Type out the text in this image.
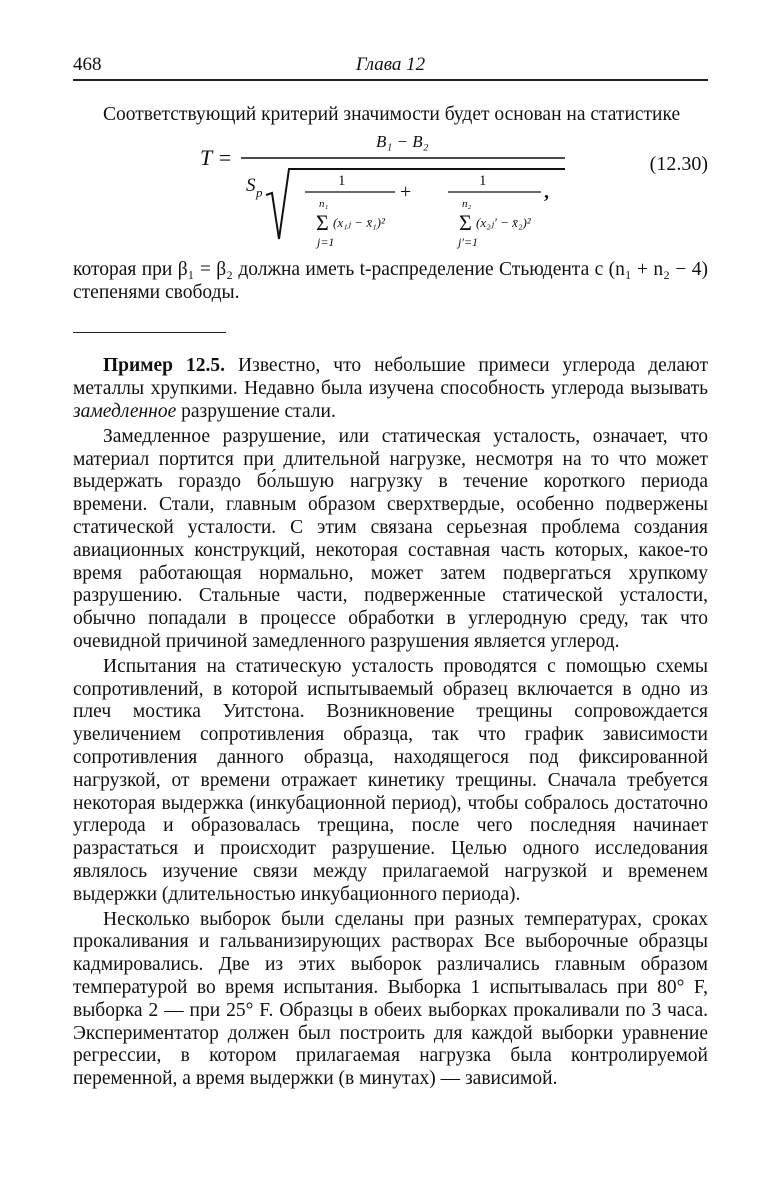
468	Глава 12

Соответствующий критерий значимости будет основан на статистике

T =
B₁ − B₂
S p
1	+	1	,
n₁
Σ (x₁ⱼ − x̄₁)²
j=1
n₂
Σ (x₂ⱼ′ − x̄₂)²
j′=1
(12.30)

которая при β₁ = β₂ должна иметь t-распределение Стьюдента с (n₁ + n₂ − 4) степенями свободы.

Пример 12.5. Известно, что небольшие примеси углерода делают металлы хрупкими. Недавно была изучена способность углерода вызывать замедленное разрушение стали.

Замедленное разрушение, или статическая усталость, означает, что материал портится при длительной нагрузке, несмотря на то что может выдержать гораздо бо́льшую нагрузку в течение короткого периода времени. Стали, главным образом сверхтвердые, особенно подвержены статической усталости. С этим связана серьезная проблема создания авиационных конструкций, некоторая составная часть которых, какое-то время работающая нормально, может затем подвергаться хрупкому разрушению. Стальные части, подверженные статической усталости, обычно попадали в процессе обработки в углеродную среду, так что очевидной причиной замедленного разрушения является углерод.

Испытания на статическую усталость проводятся с помощью схемы сопротивлений, в которой испытываемый образец включается в одно из плеч мостика Уитстона. Возникновение трещины сопровождается увеличением сопротивления образца, так что график зависимости сопротивления данного образца, находящегося под фиксированной нагрузкой, от времени отражает кинетику трещины. Сначала требуется некоторая выдержка (инкубационной период), чтобы собралось достаточно углерода и образовалась трещина, после чего последняя начинает разрастаться и происходит разрушение. Целью одного исследования являлось изучение связи между прилагаемой нагрузкой и временем выдержки (длительностью инкубационного периода).

Несколько выборок были сделаны при разных температурах, сроках прокаливания и гальванизирующих растворах Все выборочные образцы кадмировались. Две из этих выборок различались главным образом температурой во время испытания. Выборка 1 испытывалась при 80° F, выборка 2 — при 25° F. Образцы в обеих выборках прокаливали по 3 часа. Экспериментатор должен был построить для каждой выборки уравнение регрессии, в котором прилагаемая нагрузка была контролируемой переменной, а время выдержки (в минутах) — зависимой.
